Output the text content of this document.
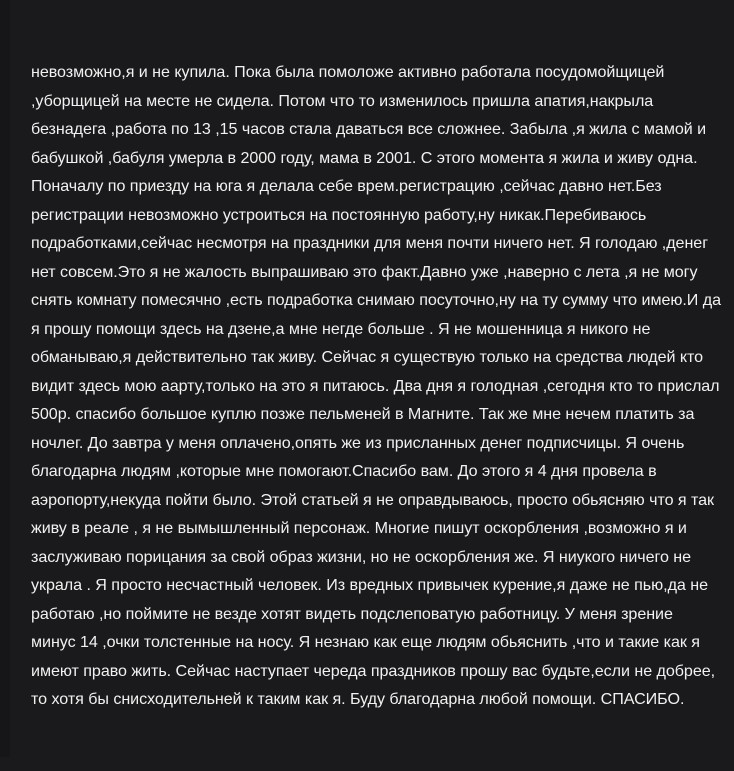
невозможно,я и не купила. Пока была помоложе активно работала посудомойщицей ,уборщицей на месте не сидела. Потом что то изменилось пришла апатия,накрыла безнадега ,работа по 13 ,15 часов стала даваться все сложнее. Забыла ,я жила с мамой и бабушкой ,бабуля умерла в 2000 году, мама в 2001. С этого момента я жила и живу одна. Поначалу по приезду на юга я делала себе врем.регистрацию ,сейчас давно нет.Без регистрации невозможно устроиться на постоянную работу,ну никак.Перебиваюсь подработками,сейчас несмотря на праздники для меня почти ничего нет. Я голодаю ,денег нет совсем.Это я не жалость выпрашиваю это факт.Давно уже ,наверно с лета ,я не могу снять комнату помесячно ,есть подработка снимаю посуточно,ну на ту сумму что имею.И да я прошу помощи здесь на дзене,а мне негде больше . Я не мошенница я никого не обманываю,я действительно так живу. Сейчас я существую только на средства людей кто видит здесь мою аарту,только на это я питаюсь. Два дня я голодная ,сегодня кто то прислал 500р. спасибо большое куплю позже пельменей в Магните. Так же мне нечем платить за ночлег. До завтра у меня оплачено,опять же из присланных денег подписчицы. Я очень благодарна людям ,которые мне помогают.Спасибо вам. До этого я 4 дня провела в аэропорту,некуда пойти было. Этой статьей я не оправдываюсь, просто обьясняю что я так живу в реале , я не вымышленный персонаж. Многие пишут оскорбления ,возможно я и заслуживаю порицания за свой образ жизни, но не оскорбления же. Я ниукого ничего не украла . Я просто несчастный человек. Из вредных привычек курение,я даже не пью,да не работаю ,но поймите не везде хотят видеть подслеповатую работницу. У меня зрение минус 14 ,очки толстенные на носу. Я незнаю как еще людям обьяснить ,что и такие как я имеют право жить. Сейчас наступает череда праздников прошу вас будьте,если не добрее, то хотя бы снисходительней к таким как я. Буду благодарна любой помощи. СПАСИБО.
